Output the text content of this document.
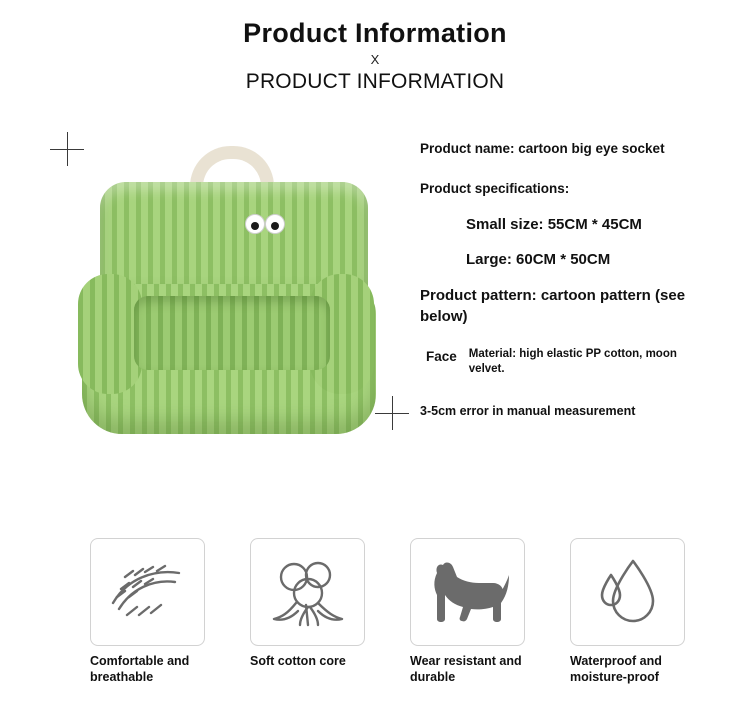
Product Information
X
PRODUCT INFORMATION
Product name: cartoon big eye socket
Product specifications:
Small size: 55CM * 45CM
Large: 60CM * 50CM
Product pattern: cartoon pattern (see below)
Face Material: high elastic PP cotton, moon velvet.
3-5cm error in manual measurement
Comfortable and breathable
Soft cotton core	Wear resistant and durable
Waterproof and moisture-proof
